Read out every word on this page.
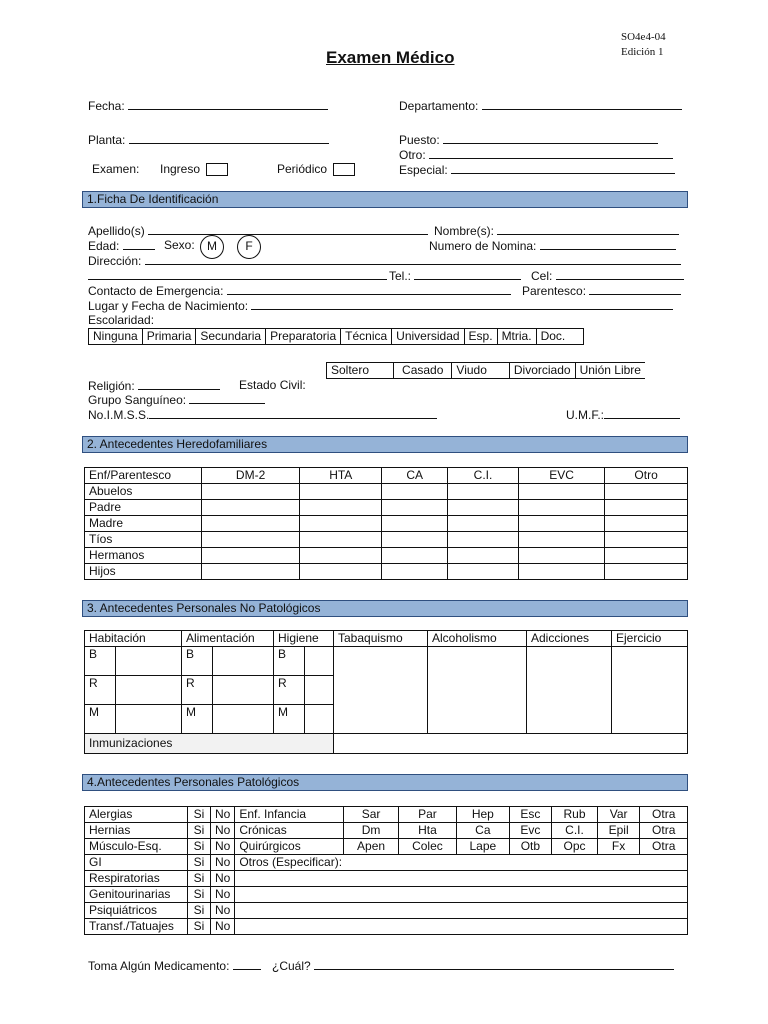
SO4e4-04
Edición 1
Examen Médico
Fecha:	Departamento:
Planta:	Puesto:
Otro:
Especial:
Examen: Ingreso	Periódico
1.Ficha De Identificación
Apellido(s)	Nombre(s):
Edad:	Sexo:	M	F	Numero de Nomina:
Dirección:
Tel.:	Cel:
Contacto de Emergencia:	Parentesco:
Lugar y Fecha de Nacimiento:
Escolaridad:
Ninguna	Primaria	Secundaria	Preparatoria	Técnica	Universidad	Esp.	Mtria.	Doc.
Soltero	Casado	Viudo	Divorciado	Unión Libre
Religión:	Estado Civil:
Grupo Sanguíneo:
No.I.M.S.S.	U.M.F.:
2. Antecedentes Heredofamiliares
Enf/Parentesco	DM-2	HTA	CA	C.I.	EVC	Otro
Abuelos						
Padre						
Madre						
Tíos						
Hermanos						
Hijos						
3. Antecedentes Personales No Patológicos
Habitación		Alimentación		Higiene		Tabaquismo	Alcoholismo	Adicciones	Ejercicio
B		B		B					
R		R		R					
M		M		M					
Inmunizaciones									
4.Antecedentes Personales Patológicos
Alergias	Si	No	Enf. Infancia	Sar	Par	Hep	Esc	Rub	Var	Otra
Hernias	Si	No	Crónicas	Dm	Hta	Ca	Evc	C.I.	Epil	Otra
Músculo-Esq.	Si	No	Quirúrgicos	Apen	Colec	Lape	Otb	Opc	Fx	Otra
GI	Si	No	Otros (Especificar):							
Respiratorias	Si	No								
Genitourinarias	Si	No								
Psiquiátricos	Si	No								
Transf./Tatuajes	Si	No								
Toma Algún Medicamento:	¿Cuál?
